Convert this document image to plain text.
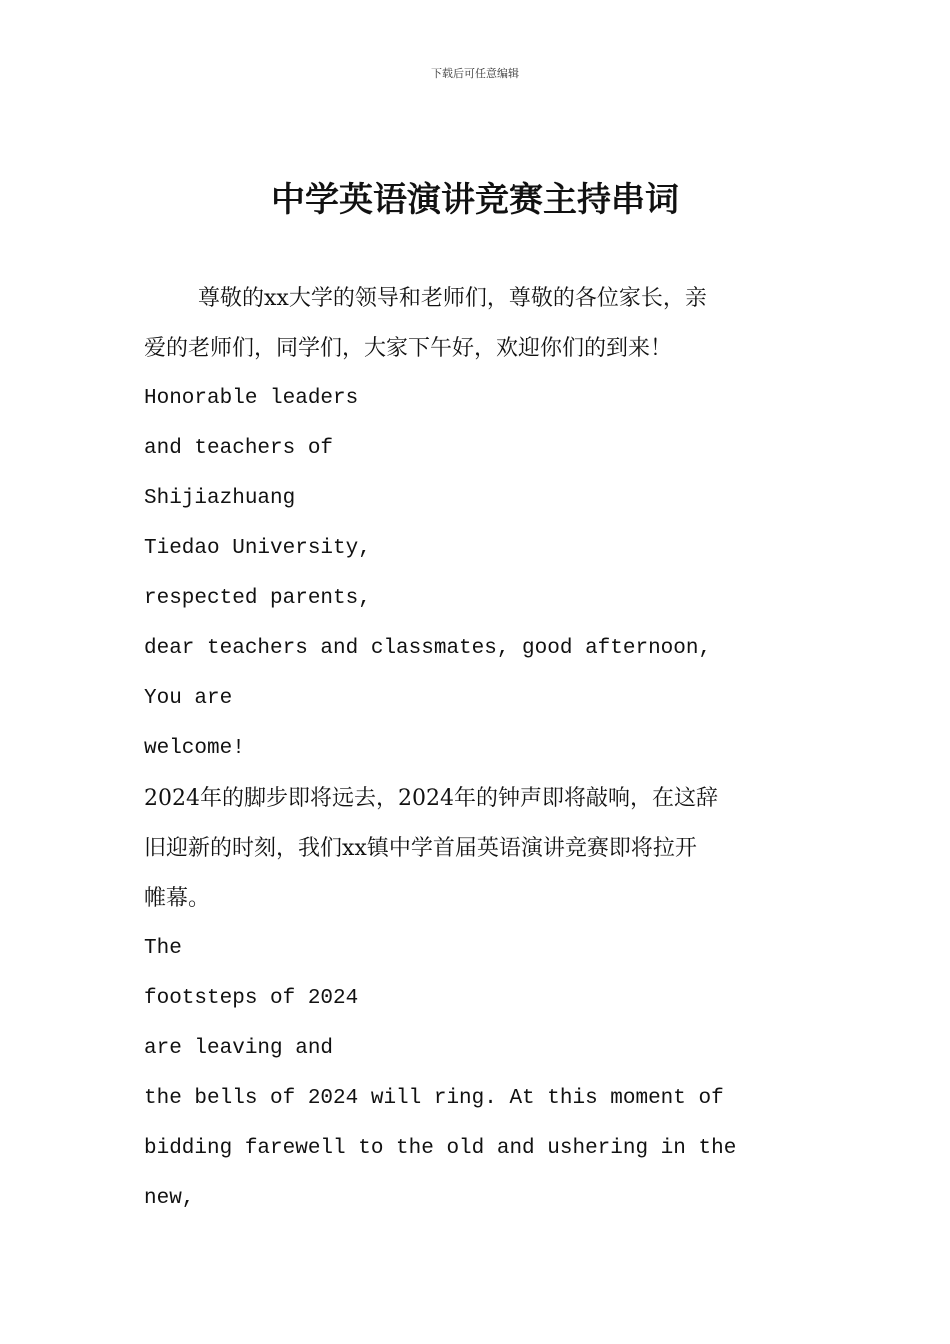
下载后可任意编辑
中学英语演讲竞赛主持串词
尊敬的xx大学的领导和老师们，尊敬的各位家长，亲
爱的老师们，同学们，大家下午好，欢迎你们的到来！
Honorable leaders
and teachers of
Shijiazhuang
Tiedao University,
respected parents,
dear teachers and classmates, good afternoon,
You are
welcome!
2024年的脚步即将远去，2024年的钟声即将敲响，在这辞
旧迎新的时刻，我们xx镇中学首届英语演讲竞赛即将拉开
帷幕。
The
footsteps of 2024
are leaving and
the bells of 2024 will ring. At this moment of
bidding farewell to the old and ushering in the
new,
